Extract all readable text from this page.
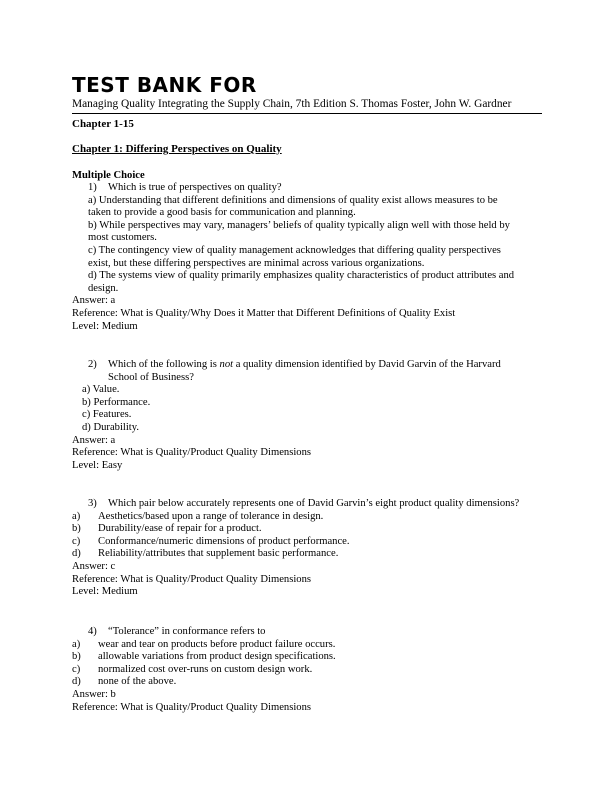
TEST BANK FOR
Managing Quality Integrating the Supply Chain, 7th Edition S. Thomas Foster, John W. Gardner
Chapter 1-15
Chapter 1: Differing Perspectives on Quality
Multiple Choice
1) Which is true of perspectives on quality?
a) Understanding that different definitions and dimensions of quality exist allows measures to be
taken to provide a good basis for communication and planning.
b) While perspectives may vary, managers’ beliefs of quality typically align well with those held by
most customers.
c) The contingency view of quality management acknowledges that differing quality perspectives
exist, but these differing perspectives are minimal across various organizations.
d) The systems view of quality primarily emphasizes quality characteristics of product attributes and
design.
Answer: a
Reference: What is Quality/Why Does it Matter that Different Definitions of Quality Exist
Level: Medium
2) Which of the following is not a quality dimension identified by David Garvin of the Harvard
School of Business?
a) Value.
b) Performance.
c) Features.
d) Durability.
Answer: a
Reference: What is Quality/Product Quality Dimensions
Level: Easy
3) Which pair below accurately represents one of David Garvin’s eight product quality dimensions?
a) Aesthetics/based upon a range of tolerance in design.
b) Durability/ease of repair for a product.
c) Conformance/numeric dimensions of product performance.
d) Reliability/attributes that supplement basic performance.
Answer: c
Reference: What is Quality/Product Quality Dimensions
Level: Medium
4) “Tolerance” in conformance refers to
a) wear and tear on products before product failure occurs.
b) allowable variations from product design specifications.
c) normalized cost over-runs on custom design work.
d) none of the above.
Answer: b
Reference: What is Quality/Product Quality Dimensions
